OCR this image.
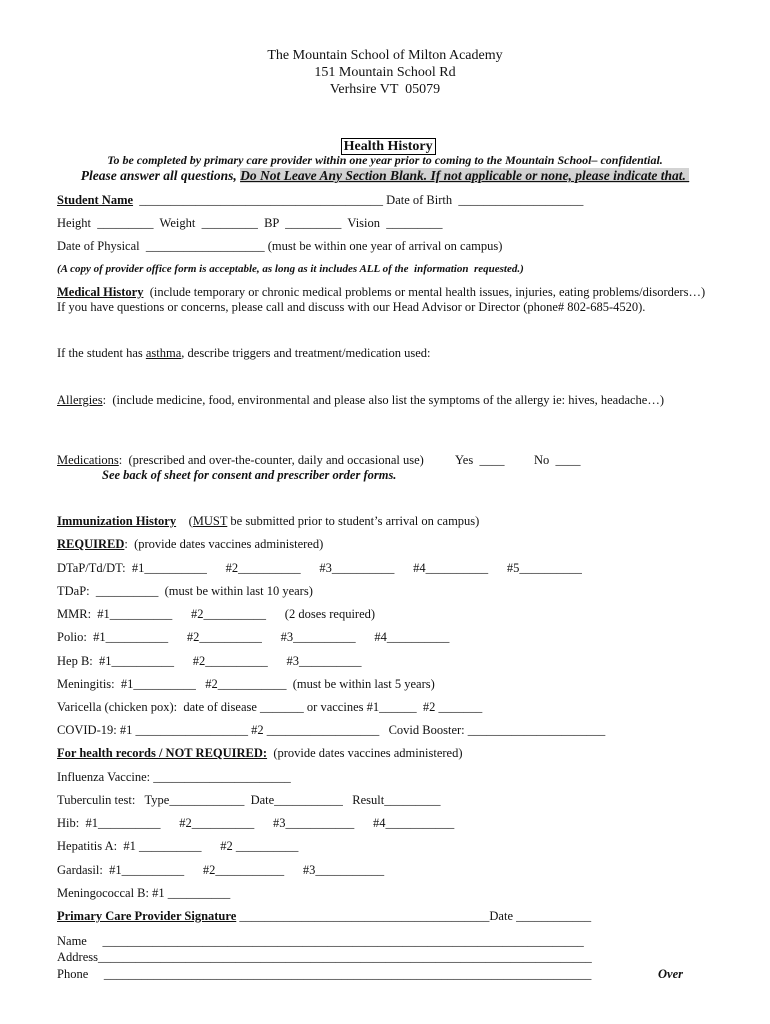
The Mountain School of Milton Academy
151 Mountain School Rd
Verhsire VT  05079

Health History

To be completed by primary care provider within one year prior to coming to the Mountain School– confidential.
Please answer all questions, Do Not Leave Any Section Blank. If not applicable or none, please indicate that.
Student Name  _______________________________________ Date of Birth  ____________________
Height  _________  Weight  _________  BP  _________  Vision  _________
Date of Physical  ___________________ (must be within one year of arrival on campus)
(A copy of provider office form is acceptable, as long as it includes ALL of the  information  requested.)
Medical History  (include temporary or chronic medical problems or mental health issues, injuries, eating problems/disorders…)
If you have questions or concerns, please call and discuss with our Head Advisor or Director (phone# 802-685-4520).
If the student has asthma, describe triggers and treatment/medication used:
Allergies:  (include medicine, food, environmental and please also list the symptoms of the allergy ie: hives, headache…)
Medications:  (prescribed and over-the-counter, daily and occasional use) Yes  ____ No  ____
See back of sheet for consent and prescriber order forms.
Immunization History    (MUST be submitted prior to student’s arrival on campus)
REQUIRED:  (provide dates vaccines administered)
DTaP/Td/DT:  #1__________      #2__________      #3__________      #4__________      #5__________
TDaP:  __________  (must be within last 10 years)
MMR:  #1__________      #2__________      (2 doses required)
Polio:  #1__________      #2__________      #3__________      #4__________
Hep B:  #1__________      #2__________      #3__________
Meningitis:  #1__________   #2___________  (must be within last 5 years)
Varicella (chicken pox):  date of disease _______ or vaccines #1______  #2 _______
COVID-19: #1 __________________ #2 __________________   Covid Booster: ______________________
For health records / NOT REQUIRED:  (provide dates vaccines administered)
Influenza Vaccine: ______________________
Tuberculin test:   Type____________  Date___________   Result_________
Hib:  #1__________      #2__________      #3___________      #4___________
Hepatitis A:  #1 __________      #2 __________
Gardasil:  #1__________      #2___________      #3___________
Meningococcal B: #1 __________
Primary Care Provider Signature ________________________________________Date ____________
Name     _____________________________________________________________________________
Address_______________________________________________________________________________
Phone     ______________________________________________________________________________	Over
